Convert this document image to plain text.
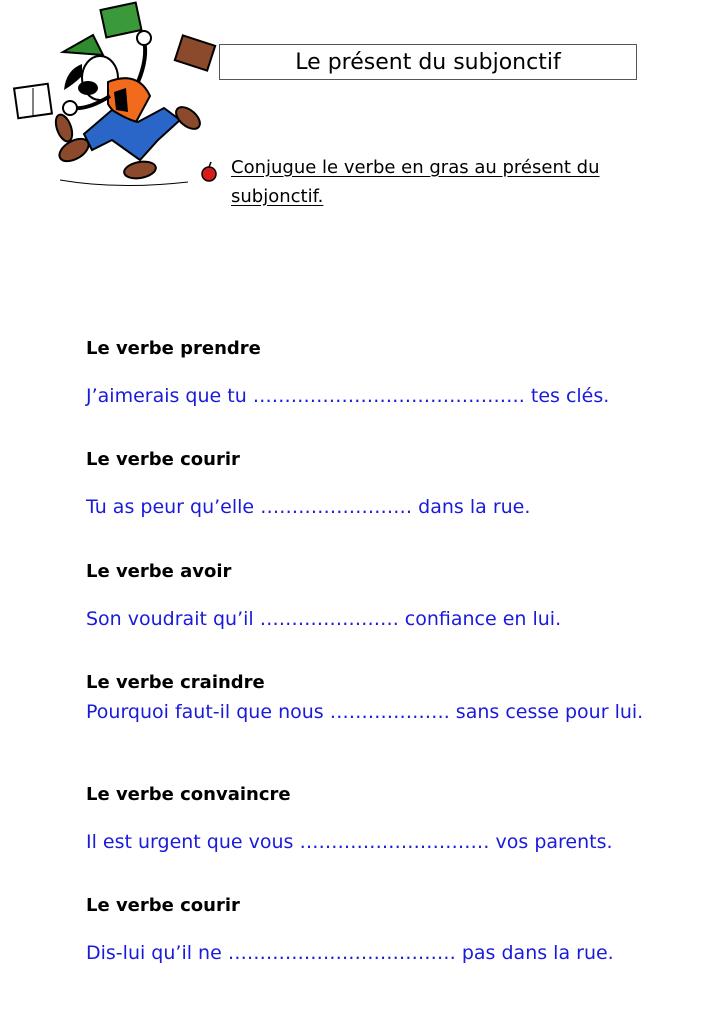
Le présent du subjonctif
Conjugue le verbe en gras au présent du subjonctif.

Le verbe prendre

J’aimerais que tu ……………………………………. tes clés.

Le verbe courir

Tu as peur qu’elle …………………… dans la rue.

Le verbe avoir

Son voudrait qu’il …………………. confiance en lui.

Le verbe craindre

Pourquoi faut-il que nous ………………. sans cesse pour lui.

Le verbe convaincre

Il est urgent que vous ………………………… vos parents.

Le verbe courir

Dis-lui qu’il ne ……………………………… pas dans la rue.
